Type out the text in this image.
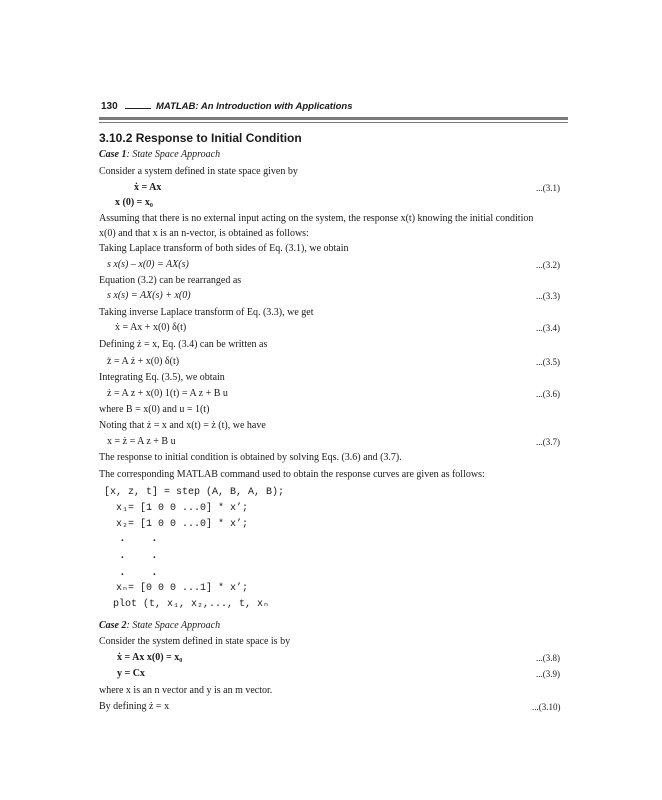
130	MATLAB: An Introduction with Applications
3.10.2 Response to Initial Condition
Case 1: State Space Approach
Consider a system defined in state space given by
ẋ = Ax	...(3.1)
x (0) = x₀
Assuming that there is no external input acting on the system, the response x(t) knowing the initial condition
x(0) and that x is an n-vector, is obtained as follows:
Taking Laplace transform of both sides of Eq. (3.1), we obtain
s x(s) – x(0) = AX(s)	...(3.2)
Equation (3.2) can be rearranged as
s x(s) = AX(s) + x(0)	...(3.3)
Taking inverse Laplace transform of Eq. (3.3), we get
ẋ = Ax + x(0) δ(t)	...(3.4)
Defining ż = x, Eq. (3.4) can be written as
z̈ = A ż + x(0) δ(t)	...(3.5)
Integrating Eq. (3.5), we obtain
ż = A z + x(0) 1(t) = A z + B u	...(3.6)
where B = x(0) and u = 1(t)
Noting that ż = x and x(t) = ż (t), we have
x = ż = A z + B u	...(3.7)
The response to initial condition is obtained by solving Eqs. (3.6) and (3.7).
The corresponding MATLAB command used to obtain the response curves are given as follows:
[x, z, t] = step (A, B, A, B);
x₁= [1 0 0 ...0] * x’;
x₂= [1 0 0 ...0] * x’;
.	.
.	.
.	.
xₙ= [0 0 0 ...1] * x’;
plot (t, x₁, x₂,..., t, xₙ
Case 2: State Space Approach
Consider the system defined in state space is by
ẋ = Ax x(0) = x₀	...(3.8)
y = Cx	...(3.9)
where x is an n vector and y is an m vector.
By defining ż = x	...(3.10)
